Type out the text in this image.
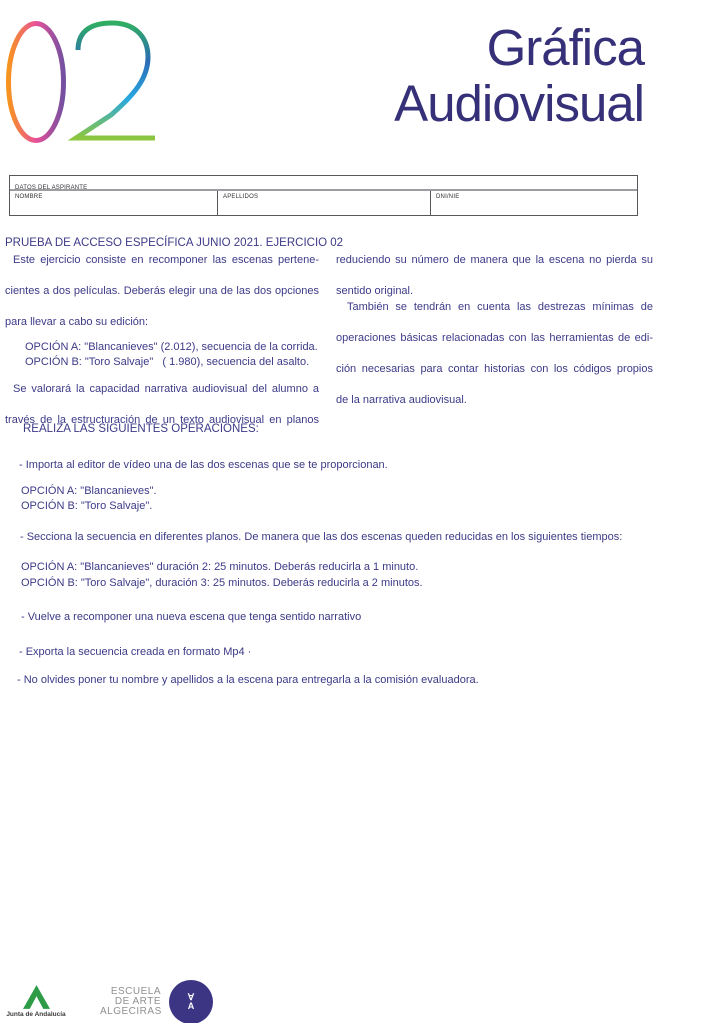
Gráfica
Audiovisual
DATOS DEL ASPIRANTE
NOMBRE	APELLIDOS	DNI/NIE
PRUEBA DE ACCESO ESPECÍFICA JUNIO 2021. EJERCICIO 02
Este ejercicio consiste en recomponer las escenas pertene-
cientes a dos películas. Deberás elegir una de las dos opciones
para llevar a cabo su edición:
OPCIÓN A: "Blancanieves" (2.012), secuencia de la corrida.
OPCIÓN B: "Toro Salvaje"   ( 1.980), secuencia del asalto.
Se valorará la capacidad narrativa audiovisual del alumno a
través de la estructuración de un texto audiovisual en planos
reduciendo su número de manera que la escena no pierda su
sentido original.
También se tendrán en cuenta las destrezas mínimas de
operaciones básicas relacionadas con las herramientas de edi-
ción necesarias para contar historias con los códigos propios
de la narrativa audiovisual.
REALIZA LAS SIGUIENTES OPERACIONES:
- Importa al editor de vídeo una de las dos escenas que se te proporcionan.
OPCIÓN A: "Blancanieves".
OPCIÓN B: "Toro Salvaje".
- Secciona la secuencia en diferentes planos. De manera que las dos escenas queden reducidas en los siguientes tiempos:
OPCIÓN A: "Blancanieves" duración 2: 25 minutos. Deberás reducirla a 1 minuto.
OPCIÓN B: "Toro Salvaje", duración 3: 25 minutos. Deberás reducirla a 2 minutos.
- Vuelve a recomponer una nueva escena que tenga sentido narrativo
- Exporta la secuencia creada en formato Mp4 ·
- No olvides poner tu nombre y apellidos a la escena para entregarla a la comisión evaluadora.
Junta de Andalucía
ESCUELA
DE ARTE
ALGECIRAS
∀
A
